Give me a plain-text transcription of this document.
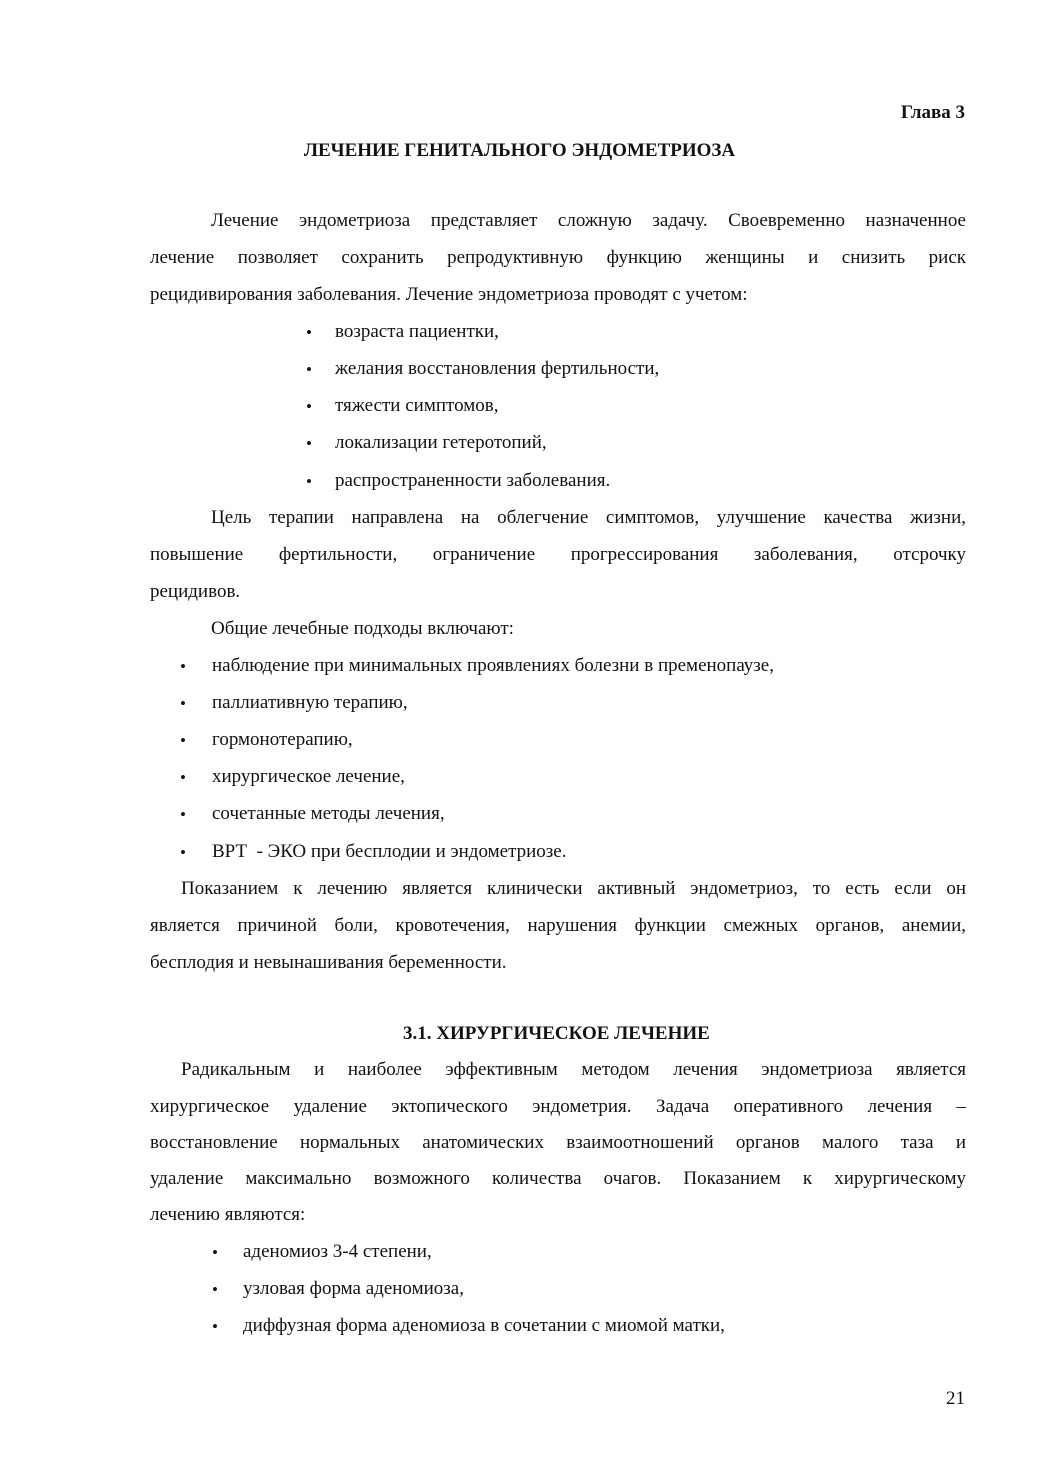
Глава 3
ЛЕЧЕНИЕ ГЕНИТАЛЬНОГО ЭНДОМЕТРИОЗА
Лечение эндометриоза представляет сложную задачу. Своевременно назначенное
лечение позволяет сохранить репродуктивную функцию женщины и снизить риск
рецидивирования заболевания. Лечение эндометриоза проводят с учетом:
• возраста пациентки,
• желания восстановления фертильности,
• тяжести симптомов,
• локализации гетеротопий,
• распространенности заболевания.
Цель терапии направлена на облегчение симптомов, улучшение качества жизни,
повышение фертильности, ограничение прогрессирования заболевания, отсрочку
рецидивов.
Общие лечебные подходы включают:
• наблюдение при минимальных проявлениях болезни в пременопаузе,
• паллиативную терапию,
• гормонотерапию,
• хирургическое лечение,
• сочетанные методы лечения,
• ВРТ  - ЭКО при бесплодии и эндометриозе.
Показанием к лечению является клинически активный эндометриоз, то есть если он
является причиной боли, кровотечения, нарушения функции смежных органов, анемии,
бесплодия и невынашивания беременности.
3.1. ХИРУРГИЧЕСКОЕ ЛЕЧЕНИЕ
Радикальным и наиболее эффективным методом лечения эндометриоза является
хирургическое удаление эктопического эндометрия. Задача оперативного лечения –
восстановление нормальных анатомических взаимоотношений органов малого таза и
удаление максимально возможного количества очагов. Показанием к хирургическому
лечению являются:
• аденомиоз 3-4 степени,
• узловая форма аденомиоза,
• диффузная форма аденомиоза в сочетании с миомой матки,
21
